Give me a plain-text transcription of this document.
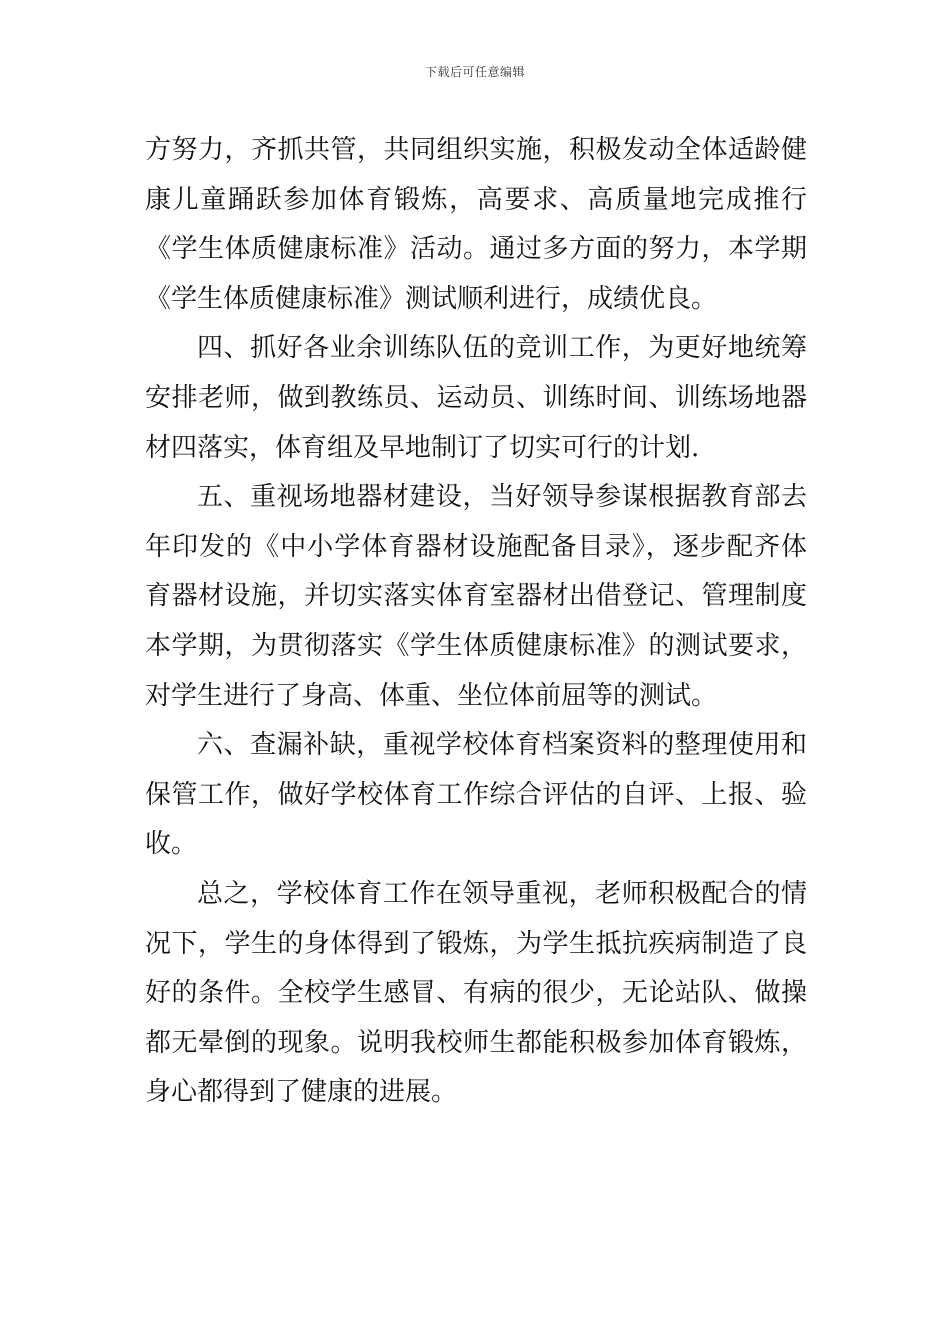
下载后可任意编辑
方努力，齐抓共管，共同组织实施，积极发动全体适龄健
康儿童踊跃参加体育锻炼，高要求、高质量地完成推行
《学生体质健康标准》活动。通过多方面的努力，本学期
《学生体质健康标准》测试顺利进行，成绩优良。
四、抓好各业余训练队伍的竞训工作，为更好地统筹
安排老师，做到教练员、运动员、训练时间、训练场地器
材四落实，体育组及早地制订了切实可行的计划.
五、重视场地器材建设，当好领导参谋根据教育部去
年印发的《中小学体育器材设施配备目录》，逐步配齐体
育器材设施，并切实落实体育室器材出借登记、管理制度
本学期，为贯彻落实《学生体质健康标准》的测试要求，
对学生进行了身高、体重、坐位体前屈等的测试。
六、查漏补缺，重视学校体育档案资料的整理使用和
保管工作，做好学校体育工作综合评估的自评、上报、验
收。
总之，学校体育工作在领导重视，老师积极配合的情
况下，学生的身体得到了锻炼，为学生抵抗疾病制造了良
好的条件。全校学生感冒、有病的很少，无论站队、做操
都无晕倒的现象。说明我校师生都能积极参加体育锻炼，
身心都得到了健康的进展。
